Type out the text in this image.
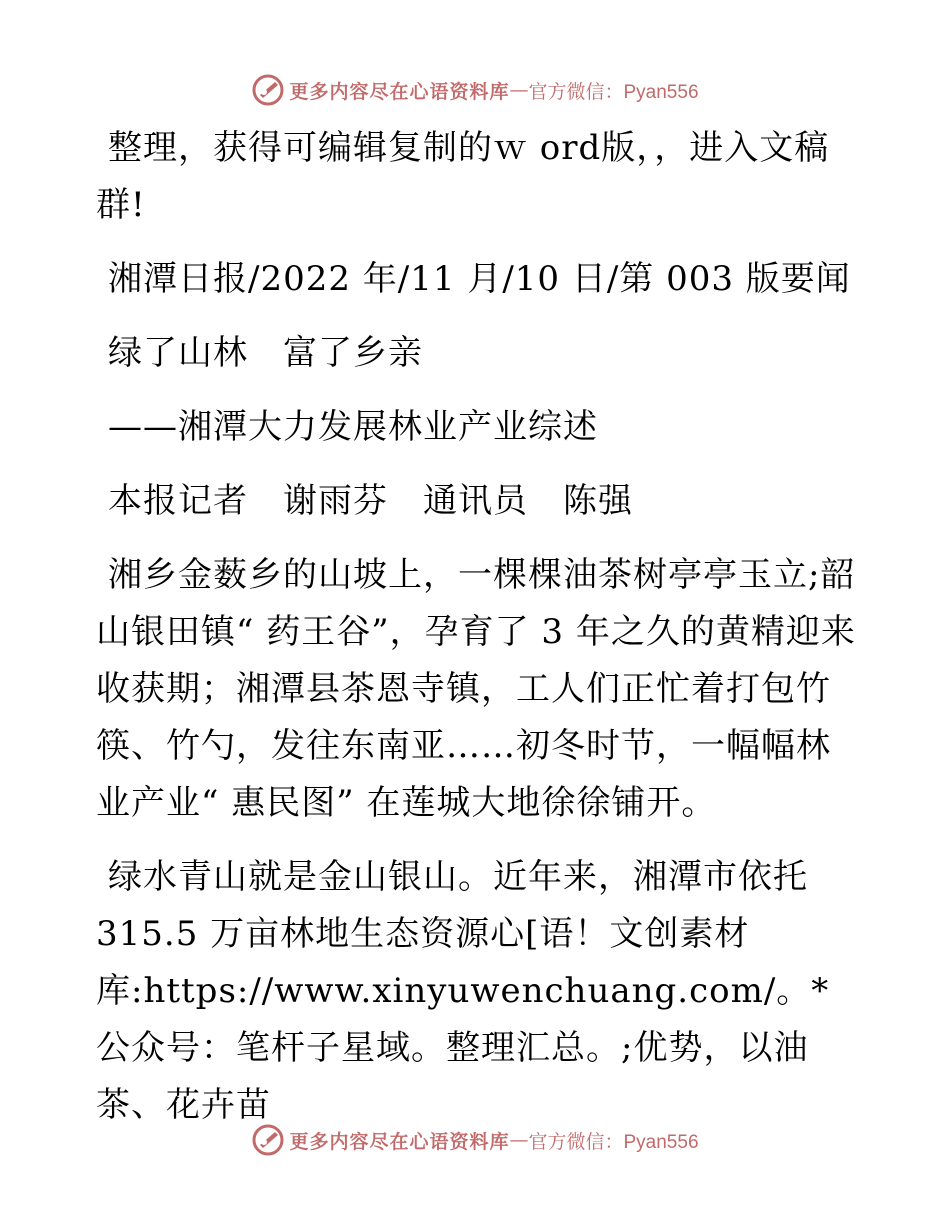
更多内容尽在心语资料库 — 官方微信：Pyan556

整理，获得可编辑复制的ｗ ord版，，进入文稿群!

湘潭日报/2022 年/11 月/10 日/第 003 版要闻

绿了山林　富了乡亲

——湘潭大力发展林业产业综述

本报记者　谢雨芬　通讯员　陈强

湘乡金薮乡的山坡上，一棵棵油茶树亭亭玉立;韶山银田镇“ 药王谷”，孕育了 3 年之久的黄精迎来收获期；湘潭县茶恩寺镇，工人们正忙着打包竹筷、竹勺，发往东南亚……初冬时节，一幅幅林业产业“ 惠民图” 在莲城大地徐徐铺开。

绿水青山就是金山银山。近年来，湘潭市依托315.5 万亩林地生态资源心[语！文创素材库:https://www.xinyuwenchuang.com/。*公众号：笔杆子星域。整理汇总。;优势，以油茶、花卉苗

更多内容尽在心语资料库 — 官方微信：Pyan556
